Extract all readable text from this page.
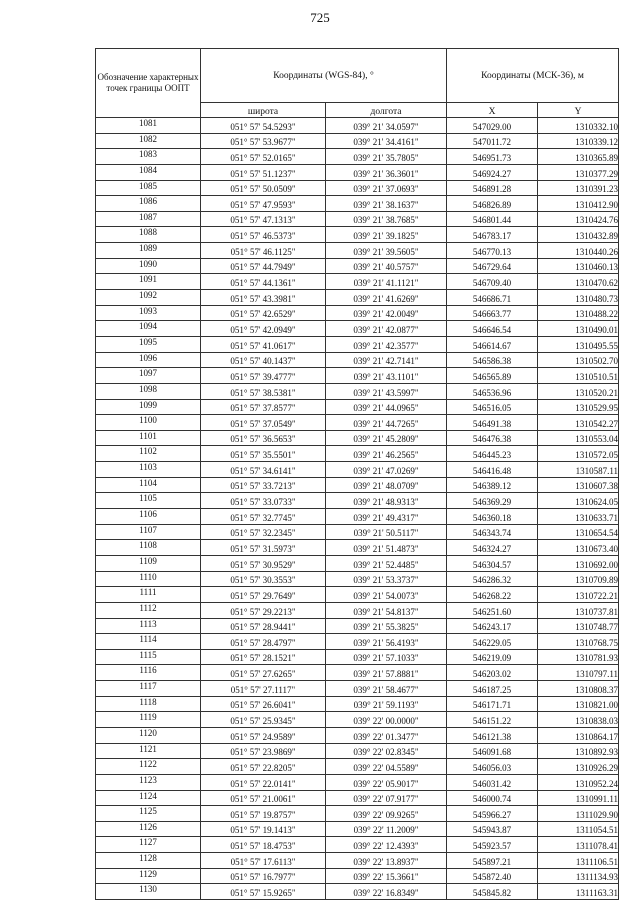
725
Обозначение характерных точек границы ООПТ	Координаты (WGS-84), °		Координаты (МСК-36), м	
	широта	долгота	X	Y
1081	051° 57' 54.5293"	039° 21' 34.0597"	547029.00	1310332.10
1082	051° 57' 53.9677"	039° 21' 34.4161"	547011.72	1310339.12
1083	051° 57' 52.0165"	039° 21' 35.7805"	546951.73	1310365.89
1084	051° 57' 51.1237"	039° 21' 36.3601"	546924.27	1310377.29
1085	051° 57' 50.0509"	039° 21' 37.0693"	546891.28	1310391.23
1086	051° 57' 47.9593"	039° 21' 38.1637"	546826.89	1310412.90
1087	051° 57' 47.1313"	039° 21' 38.7685"	546801.44	1310424.76
1088	051° 57' 46.5373"	039° 21' 39.1825"	546783.17	1310432.89
1089	051° 57' 46.1125"	039° 21' 39.5605"	546770.13	1310440.26
1090	051° 57' 44.7949"	039° 21' 40.5757"	546729.64	1310460.13
1091	051° 57' 44.1361"	039° 21' 41.1121"	546709.40	1310470.62
1092	051° 57' 43.3981"	039° 21' 41.6269"	546686.71	1310480.73
1093	051° 57' 42.6529"	039° 21' 42.0049"	546663.77	1310488.22
1094	051° 57' 42.0949"	039° 21' 42.0877"	546646.54	1310490.01
1095	051° 57' 41.0617"	039° 21' 42.3577"	546614.67	1310495.55
1096	051° 57' 40.1437"	039° 21' 42.7141"	546586.38	1310502.70
1097	051° 57' 39.4777"	039° 21' 43.1101"	546565.89	1310510.51
1098	051° 57' 38.5381"	039° 21' 43.5997"	546536.96	1310520.21
1099	051° 57' 37.8577"	039° 21' 44.0965"	546516.05	1310529.95
1100	051° 57' 37.0549"	039° 21' 44.7265"	546491.38	1310542.27
1101	051° 57' 36.5653"	039° 21' 45.2809"	546476.38	1310553.04
1102	051° 57' 35.5501"	039° 21' 46.2565"	546445.23	1310572.05
1103	051° 57' 34.6141"	039° 21' 47.0269"	546416.48	1310587.11
1104	051° 57' 33.7213"	039° 21' 48.0709"	546389.12	1310607.38
1105	051° 57' 33.0733"	039° 21' 48.9313"	546369.29	1310624.05
1106	051° 57' 32.7745"	039° 21' 49.4317"	546360.18	1310633.71
1107	051° 57' 32.2345"	039° 21' 50.5117"	546343.74	1310654.54
1108	051° 57' 31.5973"	039° 21' 51.4873"	546324.27	1310673.40
1109	051° 57' 30.9529"	039° 21' 52.4485"	546304.57	1310692.00
1110	051° 57' 30.3553"	039° 21' 53.3737"	546286.32	1310709.89
1111	051° 57' 29.7649"	039° 21' 54.0073"	546268.22	1310722.21
1112	051° 57' 29.2213"	039° 21' 54.8137"	546251.60	1310737.81
1113	051° 57' 28.9441"	039° 21' 55.3825"	546243.17	1310748.77
1114	051° 57' 28.4797"	039° 21' 56.4193"	546229.05	1310768.75
1115	051° 57' 28.1521"	039° 21' 57.1033"	546219.09	1310781.93
1116	051° 57' 27.6265"	039° 21' 57.8881"	546203.02	1310797.11
1117	051° 57' 27.1117"	039° 21' 58.4677"	546187.25	1310808.37
1118	051° 57' 26.6041"	039° 21' 59.1193"	546171.71	1310821.00
1119	051° 57' 25.9345"	039° 22' 00.0000"	546151.22	1310838.03
1120	051° 57' 24.9589"	039° 22' 01.3477"	546121.38	1310864.17
1121	051° 57' 23.9869"	039° 22' 02.8345"	546091.68	1310892.93
1122	051° 57' 22.8205"	039° 22' 04.5589"	546056.03	1310926.29
1123	051° 57' 22.0141"	039° 22' 05.9017"	546031.42	1310952.24
1124	051° 57' 21.0061"	039° 22' 07.9177"	546000.74	1310991.11
1125	051° 57' 19.8757"	039° 22' 09.9265"	545966.27	1311029.90
1126	051° 57' 19.1413"	039° 22' 11.2009"	545943.87	1311054.51
1127	051° 57' 18.4753"	039° 22' 12.4393"	545923.57	1311078.41
1128	051° 57' 17.6113"	039° 22' 13.8937"	545897.21	1311106.51
1129	051° 57' 16.7977"	039° 22' 15.3661"	545872.40	1311134.93
1130	051° 57' 15.9265"	039° 22' 16.8349"	545845.82	1311163.31
